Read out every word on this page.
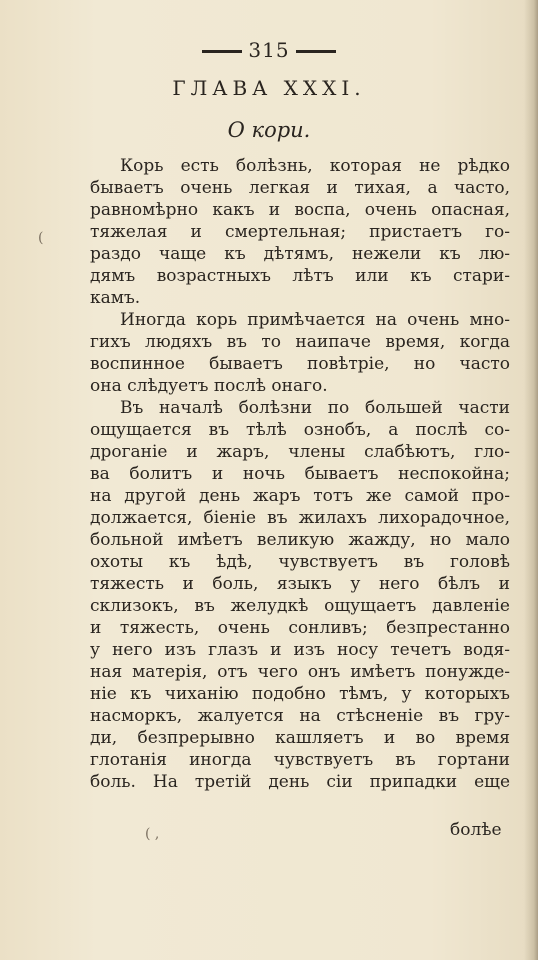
315
ГЛАВА XXXI.
О кори.
(
( ,
Корь есть болѣзнь, которая не рѣдко
бываетъ очень легкая и тихая, а часто,
равномѣрно какъ и воспа, очень опасная,
тяжелая и смертельная; пристаетъ го-
раздо чаще къ дѣтямъ, нежели къ лю-
дямъ возрастныхъ лѣтъ или къ стари-
камъ.
Иногда корь примѣчается на очень мно-
гихъ людяхъ въ то наипаче время, когда
воспинное бываетъ повѣтріе, но часто
она слѣдуетъ послѣ онаго.
Въ началѣ болѣзни по большей части
ощущается въ тѣлѣ ознобъ, а послѣ со-
дроганіе и жаръ, члены слабѣютъ, гло-
ва болитъ и ночь бываетъ неспокойна;
на другой день жаръ тотъ же самой про-
должается, біеніе въ жилахъ лихорадочное,
больной имѣетъ великую жажду, но мало
охоты къ ѣдѣ, чувствуетъ въ головѣ
тяжесть и боль, языкъ у него бѣлъ и
склизокъ, въ желудкѣ ощущаетъ давленіе
и тяжесть, очень сонливъ; безпрестанно
у него изъ глазъ и изъ носу течетъ водя-
ная матерія, отъ чего онъ имѣетъ понужде-
ніе къ чиханію подобно тѣмъ, у которыхъ
насморкъ, жалуется на стѣсненіе въ гру-
ди, безпрерывно кашляетъ и во время
глотанія иногда чувствуетъ въ гортани
боль. На третій день сіи припадки еще
болѣе
